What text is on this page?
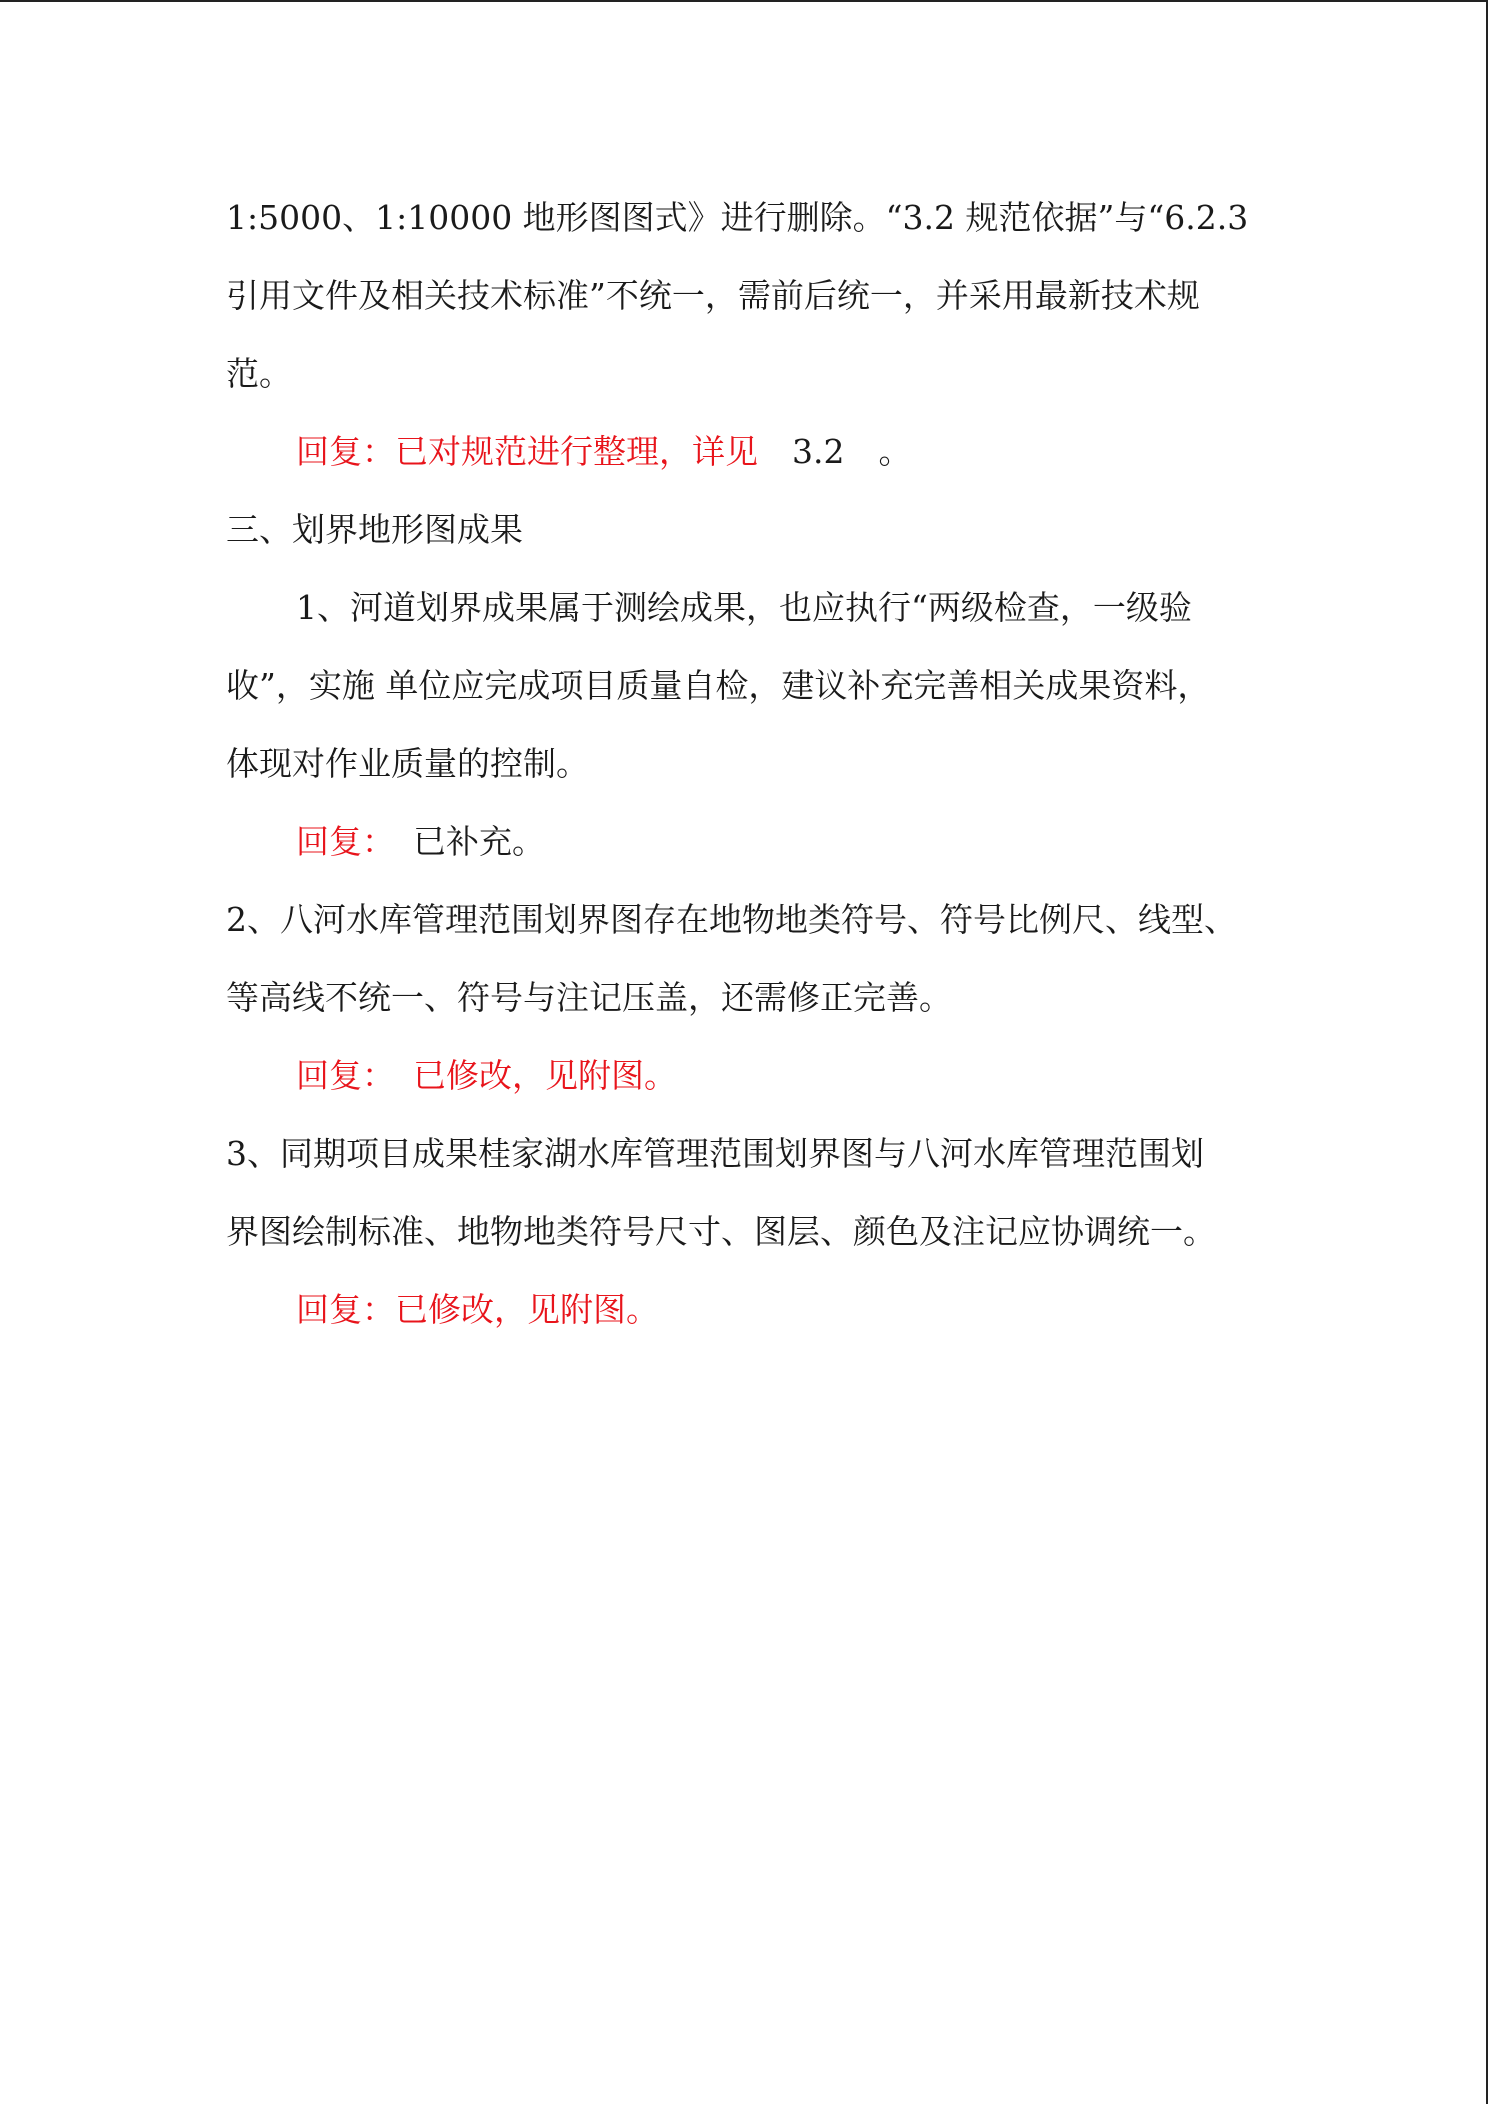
1:5000、1:10000 地形图图式》进行删除。“3.2 规范依据”与“6.2.3
引用文件及相关技术标准”不统一，需前后统一，并采用最新技术规
范。
回复：已对规范进行整理，详见 3.2 。
三、划界地形图成果
1、河道划界成果属于测绘成果，也应执行“两级检查，一级验
收”，实施 单位应完成项目质量自检，建议补充完善相关成果资料，
体现对作业质量的控制。
回复： 已补充。
2、八河水库管理范围划界图存在地物地类符号、符号比例尺、线型、
等高线不统一、符号与注记压盖，还需修正完善。
回复： 已修改，见附图。
3、同期项目成果桂家湖水库管理范围划界图与八河水库管理范围划
界图绘制标准、地物地类符号尺寸、图层、颜色及注记应协调统一。
回复：已修改，见附图。
